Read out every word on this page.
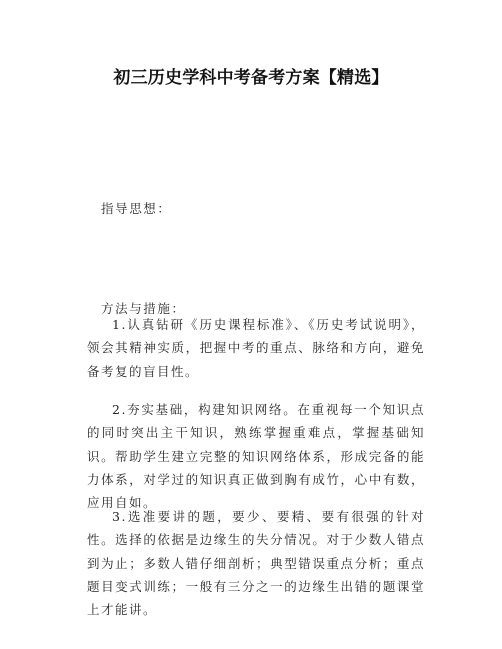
初三历史学科中考备考方案【精选】
指导思想：
方法与措施：

1.认真钻研《历史课程标准》、《历史考试说明》，领会其精神实质，把握中考的重点、脉络和方向，避免备考复的盲目性。

2.夯实基础，构建知识网络。在重视每一个知识点的同时突出主干知识，熟练掌握重难点，掌握基础知识。帮助学生建立完整的知识网络体系，形成完备的能力体系，对学过的知识真正做到胸有成竹，心中有数，应用自如。

3.选准要讲的题，要少、要精、要有很强的针对性。选择的依据是边缘生的失分情况。对于少数人错点到为止；多数人错仔细剖析；典型错误重点分析；重点题目变式训练；一般有三分之一的边缘生出错的题课堂上才能讲。
